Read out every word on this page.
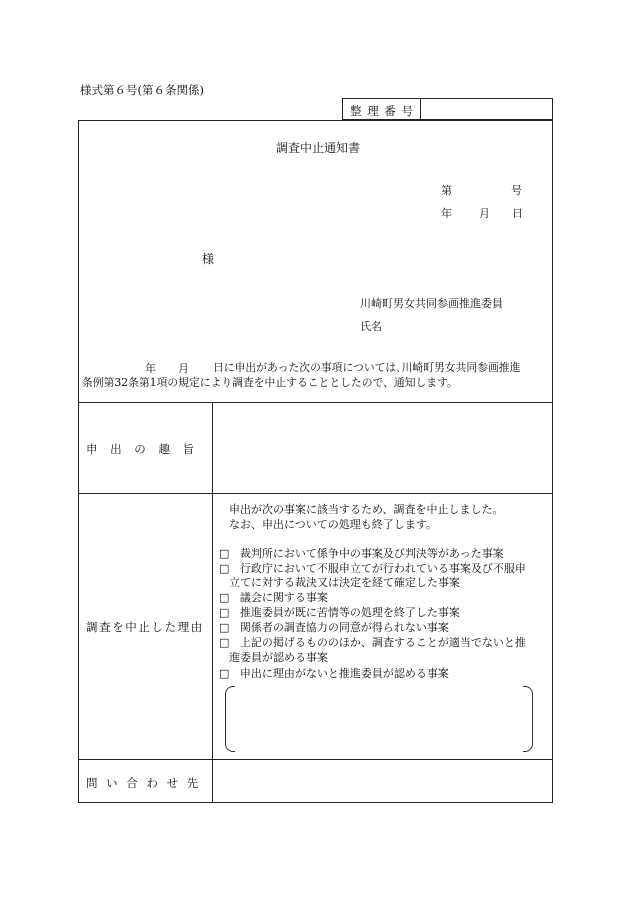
様式第６号(第６条関係)
整 理 番 号
調査中止通知書
第	号
年 月 日
様
川崎町男女共同参画推進委員
氏名
年 月 日に申出があった次の事項については､川崎町男女共同参画推進
条例第32条第1項の規定により調査を中止することとしたので、通知します。
申 出 の 趣 旨
調査を中止した理由
申出が次の事案に該当するため、調査を中止しました。
なお、申出についての処理も終了します。
□ 裁判所において係争中の事案及び判決等があった事案
□ 行政庁において不服申立てが行われている事案及び不服申
立てに対する裁決又は決定を経て確定した事案
□ 議会に関する事案
□ 推進委員が既に苦情等の処理を終了した事案
□ 関係者の調査協力の同意が得られない事案
□ 上記の掲げるもののほか、調査することが適当でないと推
進委員が認める事案
□ 申出に理由がないと推進委員が認める事案
問 い 合 わ せ 先
